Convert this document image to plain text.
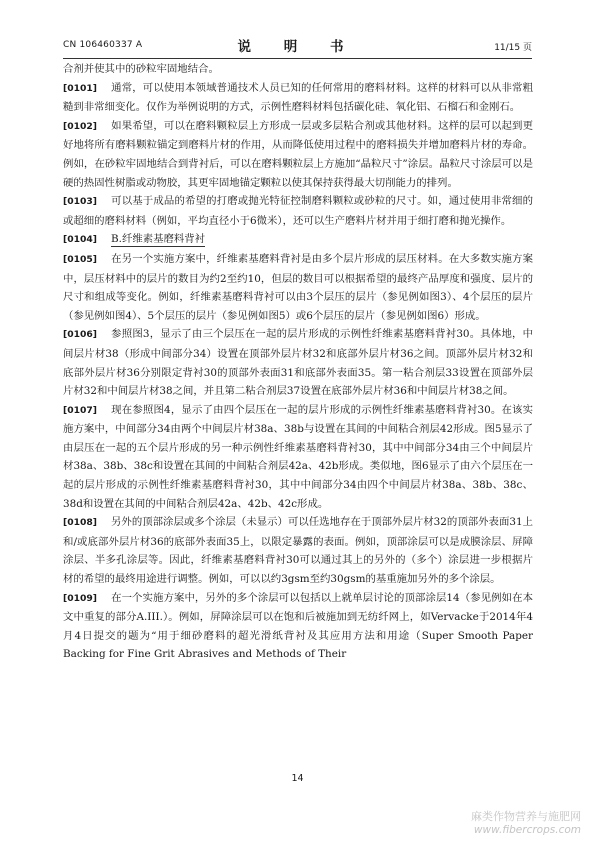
CN 106460337 A	说 明 书	11/15 页

合剂并使其中的砂粒牢固地结合。

[0101] 通常，可以使用本领域普通技术人员已知的任何常用的磨料材料。这样的材料可以从非常粗糙到非常细变化。仅作为举例说明的方式，示例性磨料材料包括碳化硅、氧化铝、石榴石和金刚石。

[0102] 如果希望，可以在磨料颗粒层上方形成一层或多层粘合剂或其他材料。这样的层可以起到更好地将所有磨料颗粒锚定到磨料片材的作用，从而降低使用过程中的磨料损失并增加磨料片材的寿命。例如，在砂粒牢固地结合到背衬后，可以在磨料颗粒层上方施加“晶粒尺寸”涂层。晶粒尺寸涂层可以是硬的热固性树脂或动物胶，其更牢固地锚定颗粒以使其保持获得最大切削能力的排列。

[0103] 可以基于成品的希望的打磨或抛光特征控制磨料颗粒或砂粒的尺寸。如，通过使用非常细的或超细的磨料材料（例如，平均直径小于6微米），还可以生产磨料片材并用于细打磨和抛光操作。

[0104] B.纤维素基磨料背衬

[0105] 在另一个实施方案中，纤维素基磨料背衬是由多个层片形成的层压材料。在大多数实施方案中，层压材料中的层片的数目为约2至约10，但层的数目可以根据希望的最终产品厚度和强度、层片的尺寸和组成等变化。例如，纤维素基磨料背衬可以由3个层压的层片（参见例如图3）、4个层压的层片（参见例如图4）、5个层压的层片（参见例如图5）或6个层压的层片（参见例如图6）形成。

[0106] 参照图3，显示了由三个层压在一起的层片形成的示例性纤维素基磨料背衬30。具体地，中间层片材38（形成中间部分34）设置在顶部外层片材32和底部外层片材36之间。顶部外层片材32和底部外层片材36分别限定背衬30的顶部外表面31和底部外表面35。第一粘合剂层33设置在顶部外层片材32和中间层片材38之间，并且第二粘合剂层37设置在底部外层片材36和中间层片材38之间。

[0107] 现在参照图4，显示了由四个层压在一起的层片形成的示例性纤维素基磨料背衬30。在该实施方案中，中间部分34由两个中间层片材38a、38b与设置在其间的中间粘合剂层42形成。图5显示了由层压在一起的五个层片形成的另一种示例性纤维素基磨料背衬30，其中中间部分34由三个中间层片材38a、38b、38c和设置在其间的中间粘合剂层42a、42b形成。类似地，图6显示了由六个层压在一起的层片形成的示例性纤维素基磨料背衬30，其中中间部分34由四个中间层片材38a、38b、38c、38d和设置在其间的中间粘合剂层42a、42b、42c形成。

[0108] 另外的顶部涂层或多个涂层（未显示）可以任选地存在于顶部外层片材32的顶部外表面31上和/或底部外层片材36的底部外表面35上，以限定暴露的表面。例如，顶部涂层可以是成膜涂层、屏障涂层、半多孔涂层等。因此，纤维素基磨料背衬30可以通过其上的另外的（多个）涂层进一步根据片材的希望的最终用途进行调整。例如，可以以约3gsm至约30gsm的基重施加另外的多个涂层。

[0109] 在一个实施方案中，另外的多个涂层可以包括以上就单层讨论的顶部涂层14（参见例如在本文中重复的部分A.III.）。例如，屏障涂层可以在饱和后被施加到无纺纤网上，如Vervacke于2014年4月4日提交的题为“用于细砂磨料的超光滑纸背衬及其应用方法和用途（Super Smooth Paper Backing for Fine Grit Abrasives and Methods of Their

14
麻类作物营养与施肥网
www.fibercrops.com
